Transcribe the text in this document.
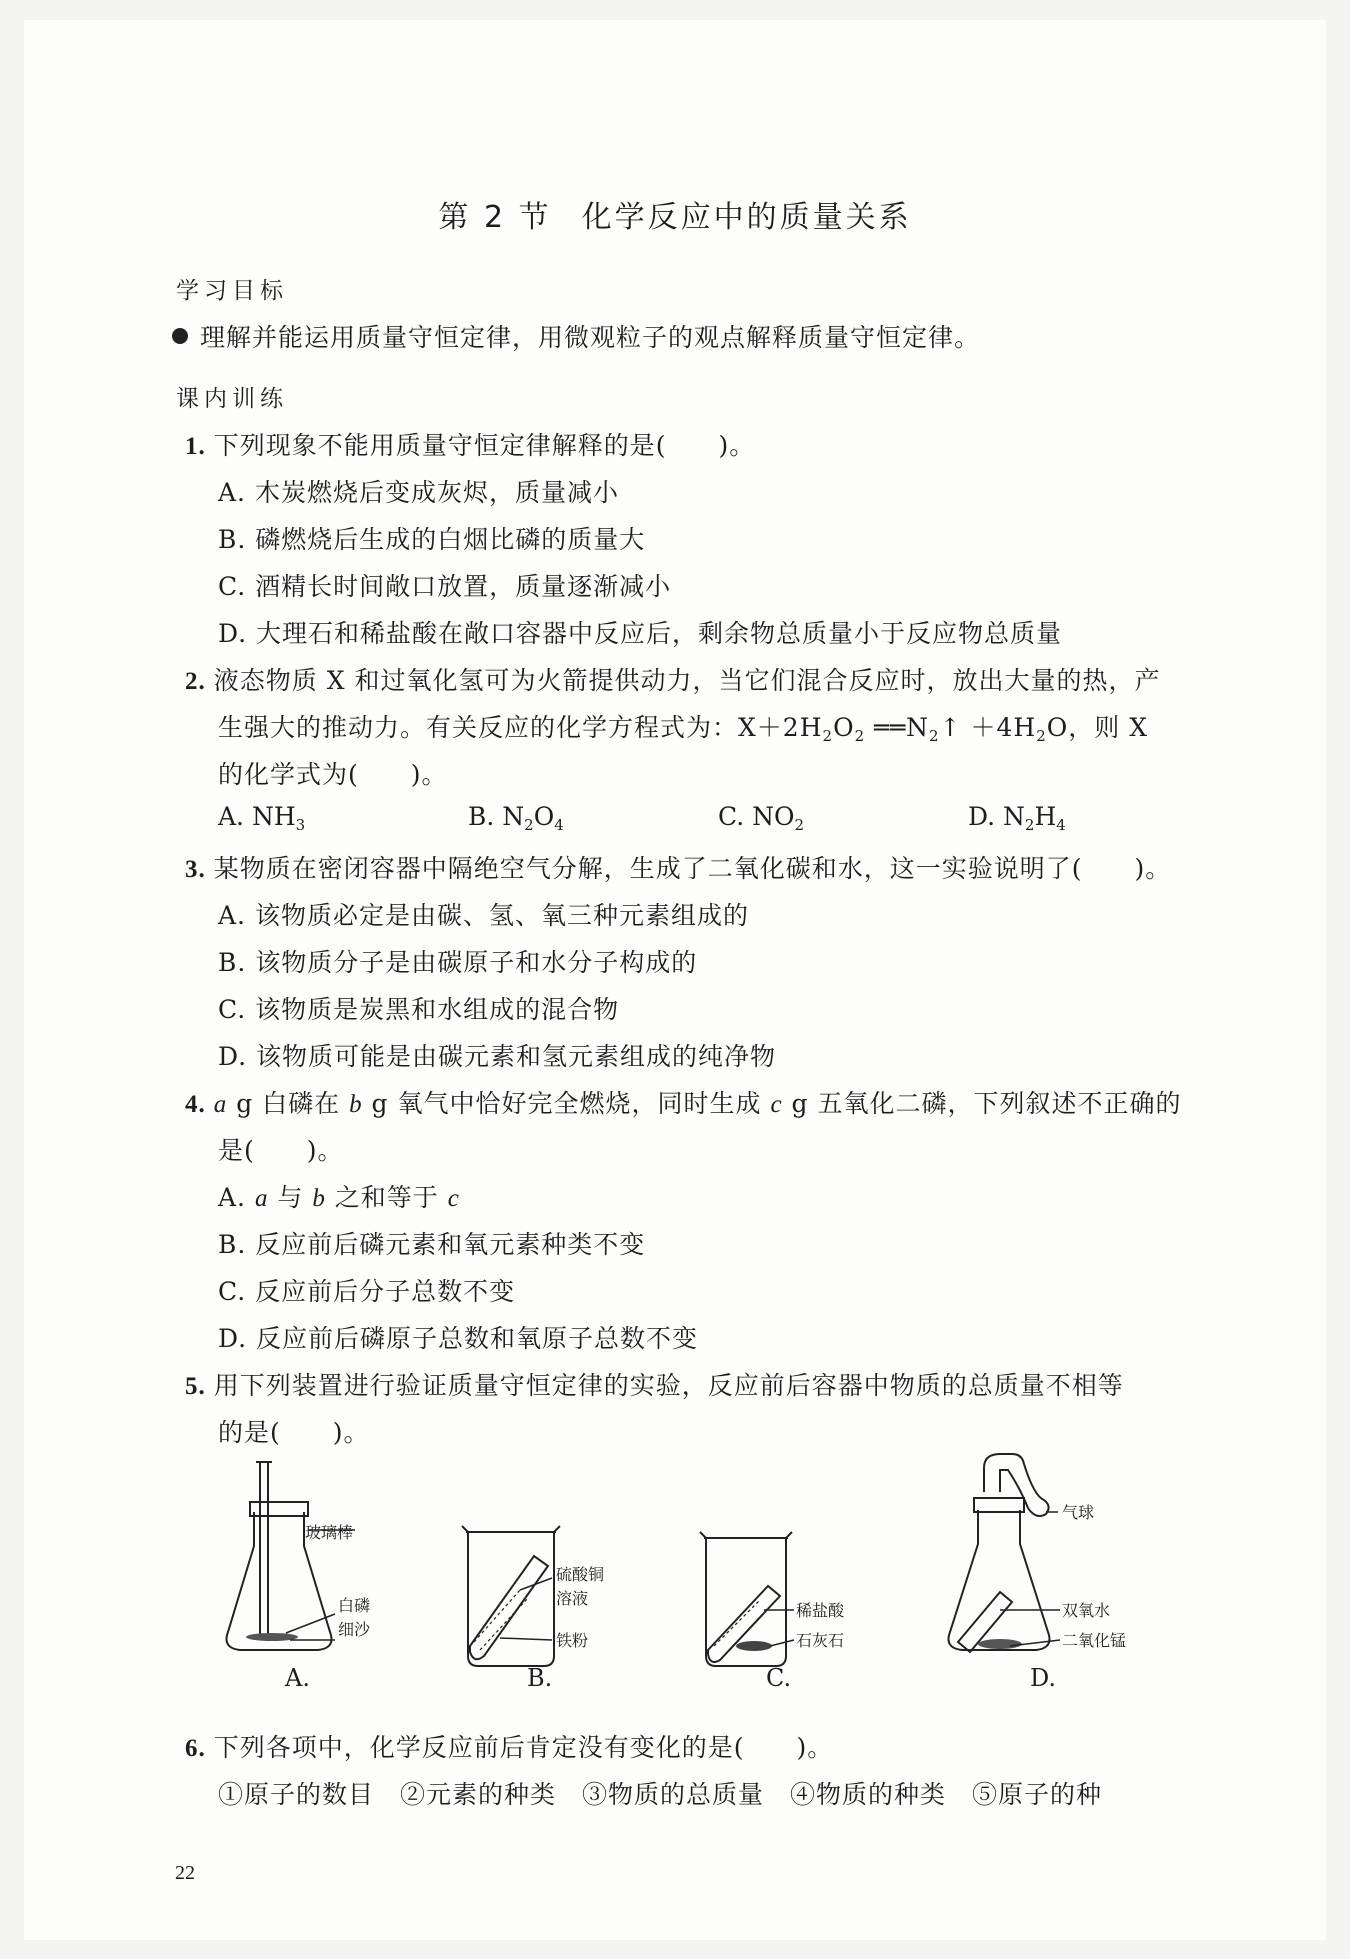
第 2 节 化学反应中的质量关系
学习目标
理解并能运用质量守恒定律，用微观粒子的观点解释质量守恒定律。
课内训练
1. 下列现象不能用质量守恒定律解释的是(　　)。
A. 木炭燃烧后变成灰烬，质量减小
B. 磷燃烧后生成的白烟比磷的质量大
C. 酒精长时间敞口放置，质量逐渐减小
D. 大理石和稀盐酸在敞口容器中反应后，剩余物总质量小于反应物总质量
2. 液态物质 X 和过氧化氢可为火箭提供动力，当它们混合反应时，放出大量的热，产
生强大的推动力。有关反应的化学方程式为：$X+2H_2O_2$ $══N_2↑ +4H_2O$，则 X
的化学式为(　　)。
A. $NH_3$	B. $N_2O_4$	C. $NO_2$	D. $N_2H_4$
3. 某物质在密闭容器中隔绝空气分解，生成了二氧化碳和水，这一实验说明了(　　)。
A. 该物质必定是由碳、氢、氧三种元素组成的
B. 该物质分子是由碳原子和水分子构成的
C. 该物质是炭黑和水组成的混合物
D. 该物质可能是由碳元素和氢元素组成的纯净物
4. a g 白磷在 b g 氧气中恰好完全燃烧，同时生成 c g 五氧化二磷，下列叙述不正确的
是(　　)。
A. a 与 b 之和等于 c
B. 反应前后磷元素和氧元素种类不变
C. 反应前后分子总数不变
D. 反应前后磷原子总数和氧原子总数不变
5. 用下列装置进行验证质量守恒定律的实验，反应前后容器中物质的总质量不相等
的是(　　)。
玻璃棒
白磷
细沙
硫酸铜
溶液
铁粉
稀盐酸
石灰石
气球
双氧水
二氧化锰
A.	B.	C.	D.
6. 下列各项中，化学反应前后肯定没有变化的是(　　)。
①原子的数目　②元素的种类　③物质的总质量　④物质的种类　⑤原子的种
22
